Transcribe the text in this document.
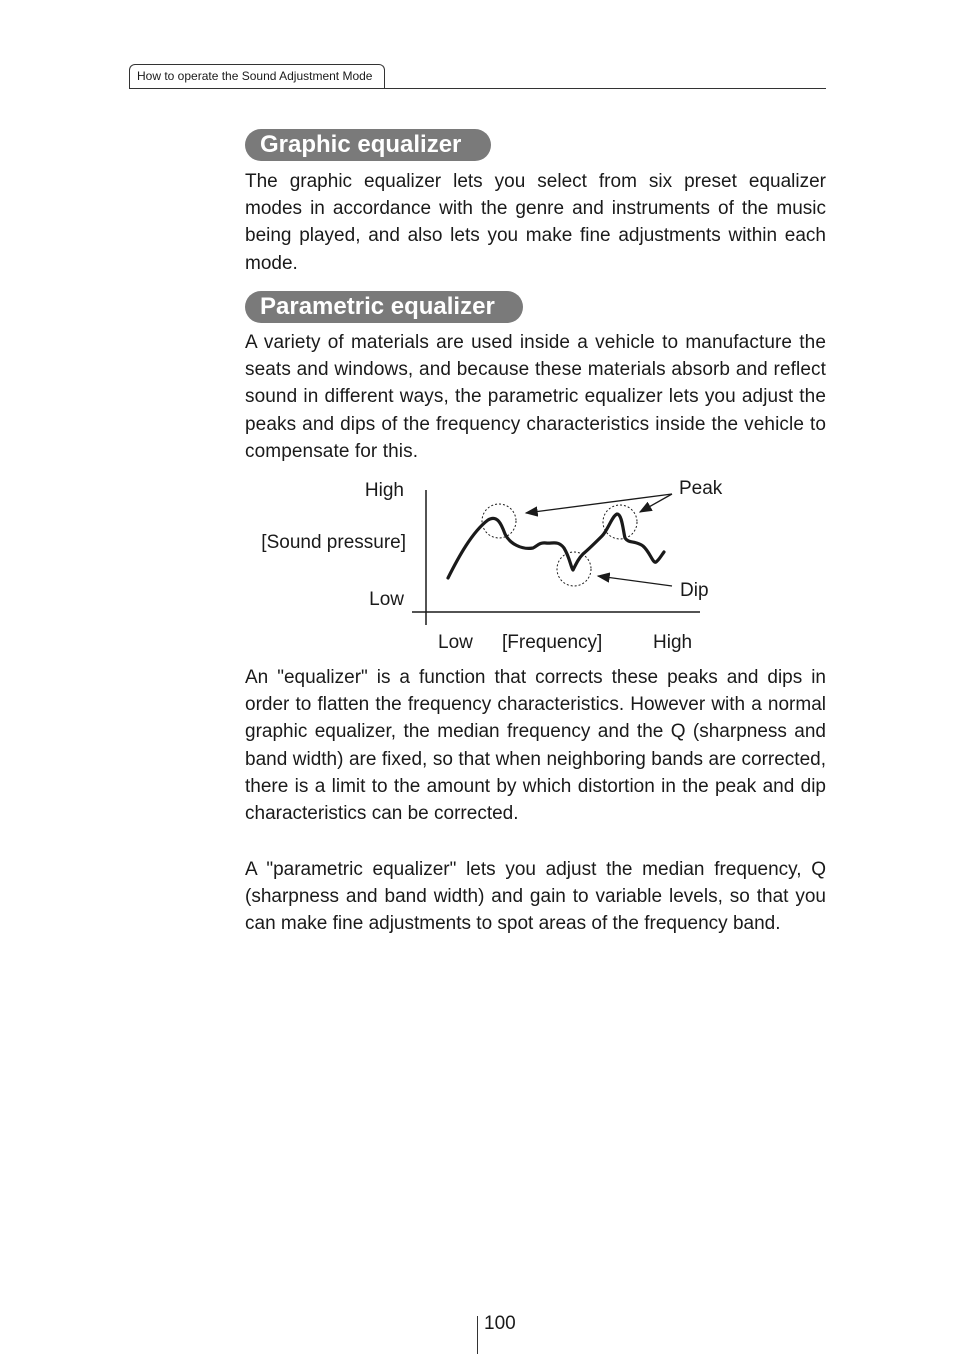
How to operate the Sound Adjustment Mode
Graphic equalizer

The graphic equalizer lets you select from six preset equalizer modes in accordance with the genre and instruments of the music being played, and also lets you make fine adjustments within each mode.

Parametric equalizer

A variety of materials are used inside a vehicle to manufacture the seats and windows, and because these materials absorb and reflect sound in different ways, the parametric equalizer lets you adjust the peaks and dips of the frequency characteristics inside the vehicle to compensate for this.

High
[Sound pressure]
Low
Low [Frequency]	High
Peak
Dip

An "equalizer" is a function that corrects these peaks and dips in order to flatten the frequency characteristics. However with a normal graphic equalizer, the median frequency and the Q (sharpness and band width) are fixed, so that when neighboring bands are corrected, there is a limit to the amount by which distortion in the peak and dip characteristics can be corrected.

A "parametric equalizer" lets you adjust the median frequency, Q (sharpness and band width) and gain to variable levels, so that you can make fine adjustments to spot areas of the frequency band.

100
